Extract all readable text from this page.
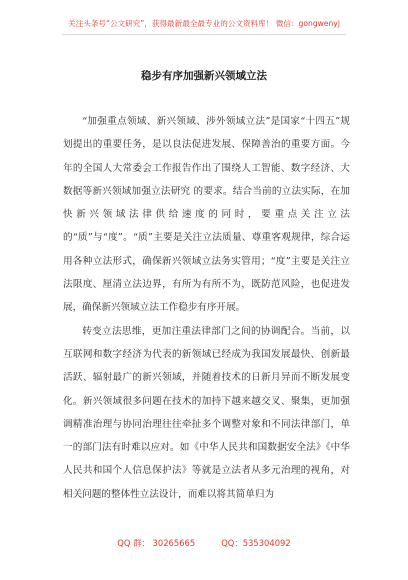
关注头条号“公文研究”，获得最新最全最专业的公文资料库！ 微信：gongwenyj
稳步有序加强新兴领域立法

“加强重点领域、新兴领域、涉外领域立法”是国家“十四五”规划提出的重要任务，是以良法促进发展、保障善治的重要方面。今年的全国人大常委会工作报告作出了围绕人工智能、数字经济、大数据等新兴领域加强立法研究 的要求。结合当前的立法实际，在加快新兴领域法律供给速度的同时，要重点关注立法的“质”与“度”。“质”主要是关注立法质量、尊重客观规律，综合运用各种立法形式，确保新兴领域立法务实管用；“度”主要是关注立法限度、厘清立法边界，有所为有所不为，既防范风险，也促进发展，确保新兴领域立法工作稳步有序开展。

转变立法思维，更加注重法律部门之间的协调配合。当前，以互联网和数字经济为代表的新领域已经成为我国发展最快、创新最活跃、辐射最广的新兴领域，并随着技术的日新月异而不断发展变化。新兴领域很多问题在技术的加持下越来越交叉、聚集，更加强调精准治理与协同治理往往牵扯多个调整对象和不同法律部门，单一的部门法有时难以应对。如《中华人民共和国数据安全法》《中华人民共和国个人信息保护法》等就是立法者从多元治理的视角，对相关问题的整体性立法设计，而难以将其简单归为

QQ 群： 30265665	QQ：535304092
